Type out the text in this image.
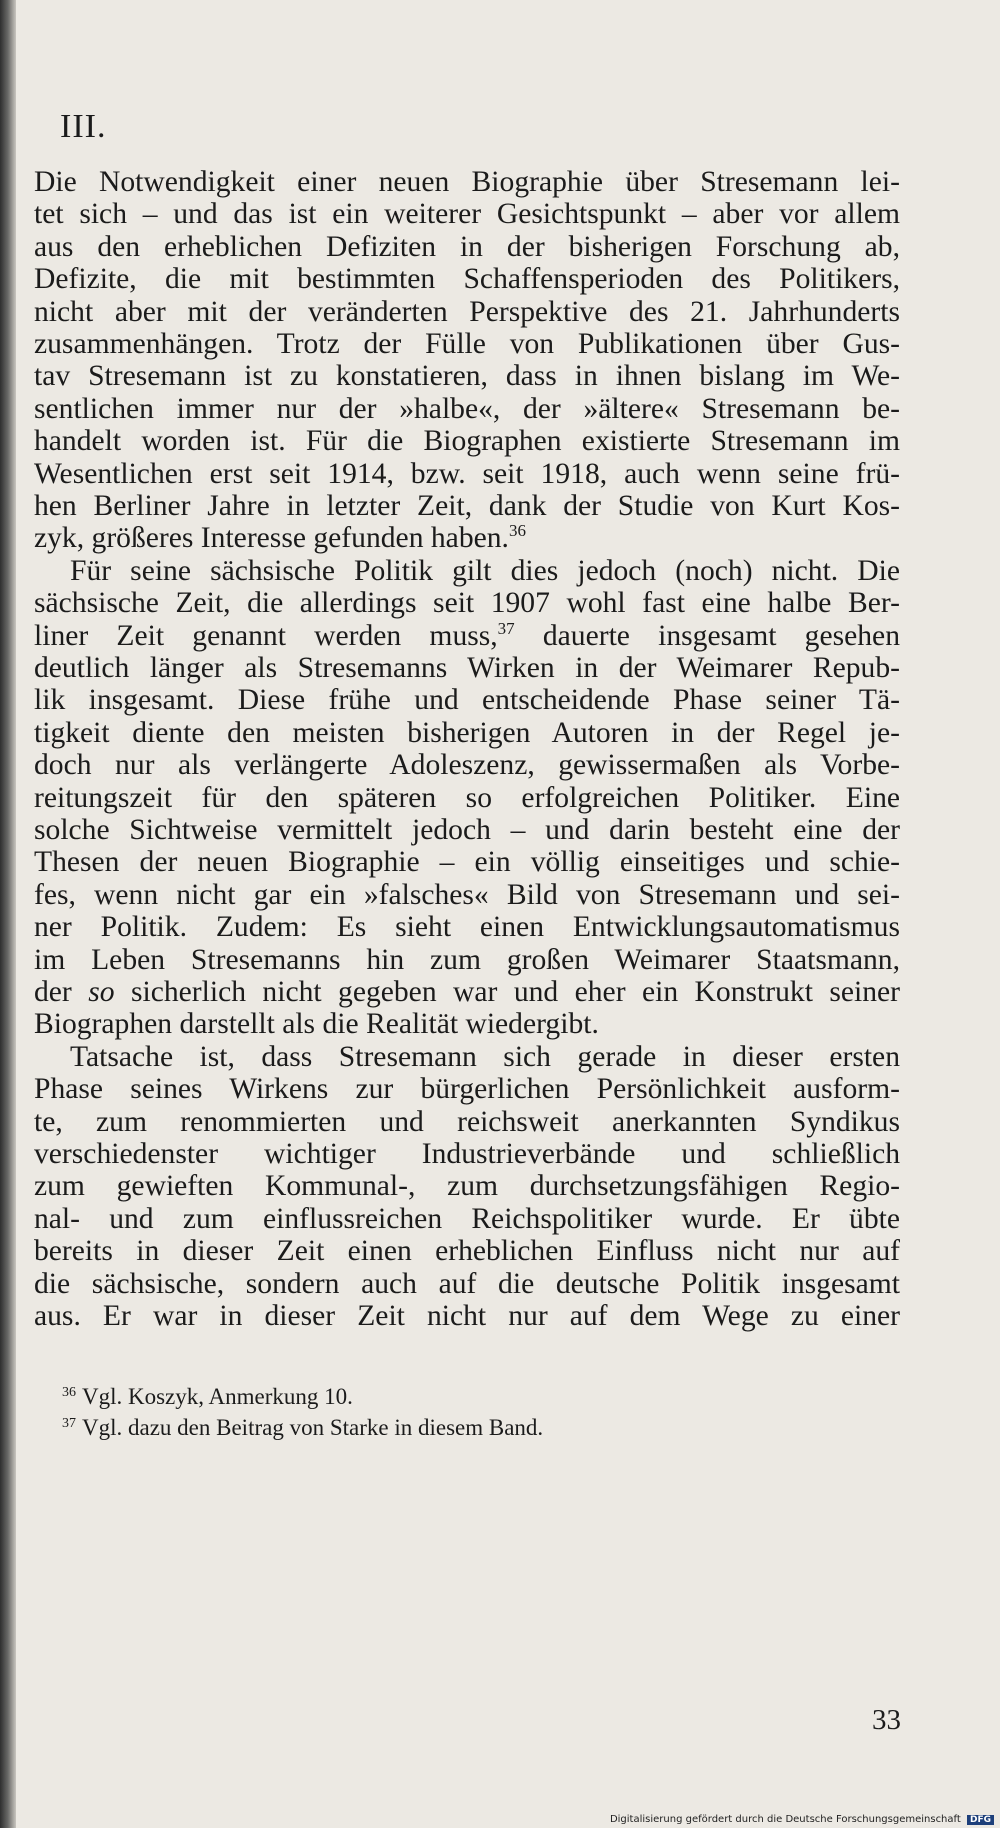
III.
Die Notwendigkeit einer neuen Biographie über Stresemann lei-
tet sich – und das ist ein weiterer Gesichtspunkt – aber vor allem
aus den erheblichen Defiziten in der bisherigen Forschung ab,
Defizite, die mit bestimmten Schaffensperioden des Politikers,
nicht aber mit der veränderten Perspektive des 21. Jahrhunderts
zusammenhängen. Trotz der Fülle von Publikationen über Gus-
tav Stresemann ist zu konstatieren, dass in ihnen bislang im We-
sentlichen immer nur der »halbe«, der »ältere« Stresemann be-
handelt worden ist. Für die Biographen existierte Stresemann im
Wesentlichen erst seit 1914, bzw. seit 1918, auch wenn seine frü-
hen Berliner Jahre in letzter Zeit, dank der Studie von Kurt Kos-
zyk, größeres Interesse gefunden haben.$^{36}$
Für seine sächsische Politik gilt dies jedoch (noch) nicht. Die
sächsische Zeit, die allerdings seit 1907 wohl fast eine halbe Ber-
liner Zeit genannt werden muss,$^{37}$ dauerte insgesamt gesehen
deutlich länger als Stresemanns Wirken in der Weimarer Repub-
lik insgesamt. Diese frühe und entscheidende Phase seiner Tä-
tigkeit diente den meisten bisherigen Autoren in der Regel je-
doch nur als verlängerte Adoleszenz, gewissermaßen als Vorbe-
reitungszeit für den späteren so erfolgreichen Politiker. Eine
solche Sichtweise vermittelt jedoch – und darin besteht eine der
Thesen der neuen Biographie – ein völlig einseitiges und schie-
fes, wenn nicht gar ein »falsches« Bild von Stresemann und sei-
ner Politik. Zudem: Es sieht einen Entwicklungsautomatismus
im Leben Stresemanns hin zum großen Weimarer Staatsmann,
der so sicherlich nicht gegeben war und eher ein Konstrukt seiner
Biographen darstellt als die Realität wiedergibt.
Tatsache ist, dass Stresemann sich gerade in dieser ersten
Phase seines Wirkens zur bürgerlichen Persönlichkeit ausform-
te, zum renommierten und reichsweit anerkannten Syndikus
verschiedenster wichtiger Industrieverbände und schließlich
zum gewieften Kommunal-, zum durchsetzungsfähigen Regio-
nal- und zum einflussreichen Reichspolitiker wurde. Er übte
bereits in dieser Zeit einen erheblichen Einfluss nicht nur auf
die sächsische, sondern auch auf die deutsche Politik insgesamt
aus. Er war in dieser Zeit nicht nur auf dem Wege zu einer
$^{36}$ Vgl. Koszyk, Anmerkung 10.
$^{37}$ Vgl. dazu den Beitrag von Starke in diesem Band.
33
Digitalisierung gefördert durch die Deutsche Forschungsgemeinschaft DFG
